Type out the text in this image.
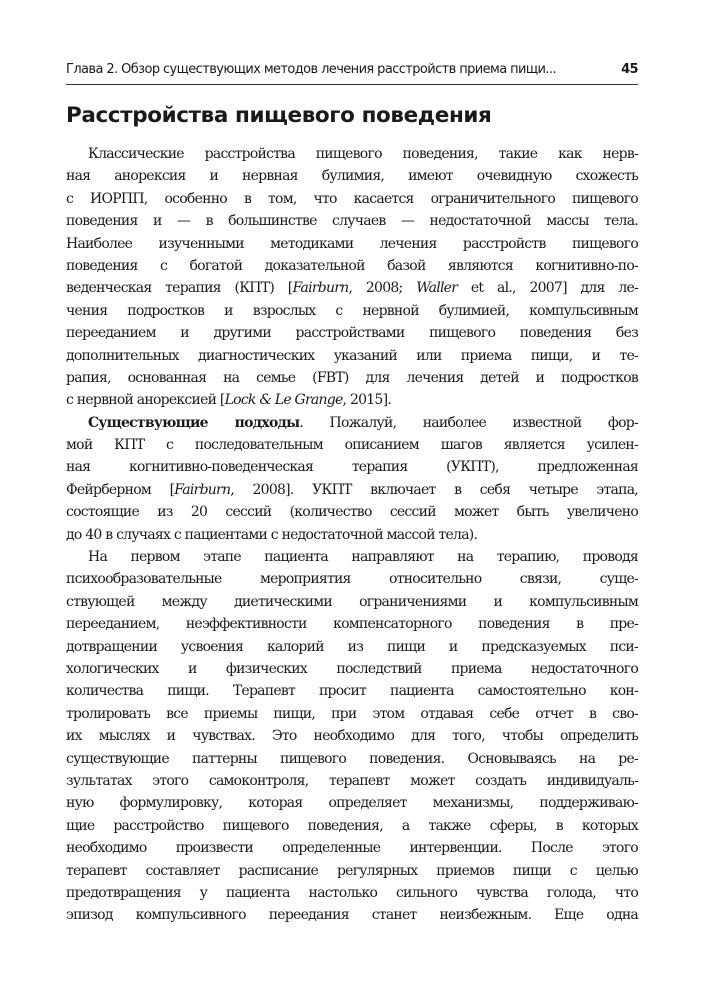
Глава 2. Обзор существующих методов лечения расстройств приема пищи...	45
Расстройства пищевого поведения
Классические расстройства пищевого поведения, такие как нерв-
ная анорексия и нервная булимия, имеют очевидную схожесть
с ИОРПП, особенно в том, что касается ограничительного пищевого
поведения и — в большинстве случаев — недостаточной массы тела.
Наиболее изученными методиками лечения расстройств пищевого
поведения с богатой доказательной базой являются когнитивно-по-
веденческая терапия (КПТ) [Fairburn, 2008; Waller et al., 2007] для ле-
чения подростков и взрослых с нервной булимией, компульсивным
перееданием и другими расстройствами пищевого поведения без
дополнительных диагностических указаний или приема пищи, и те-
рапия, основанная на семье (FBT) для лечения детей и подростков
с нервной анорексией [Lock & Le Grange, 2015].
Существующие подходы. Пожалуй, наиболее известной фор-
мой КПТ с последовательным описанием шагов является усилен-
ная когнитивно-поведенческая терапия (УКПТ), предложенная
Фейрберном [Fairburn, 2008]. УКПТ включает в себя четыре этапа,
состоящие из 20 сессий (количество сессий может быть увеличено
до 40 в случаях с пациентами с недостаточной массой тела).
На первом этапе пациента направляют на терапию, проводя
психообразовательные мероприятия относительно связи, суще-
ствующей между диетическими ограничениями и компульсивным
перееданием, неэффективности компенсаторного поведения в пре-
дотвращении усвоения калорий из пищи и предсказуемых пси-
хологических и физических последствий приема недостаточного
количества пищи. Терапевт просит пациента самостоятельно кон-
тролировать все приемы пищи, при этом отдавая себе отчет в сво-
их мыслях и чувствах. Это необходимо для того, чтобы определить
существующие паттерны пищевого поведения. Основываясь на ре-
зультатах этого самоконтроля, терапевт может создать индивидуаль-
ную формулировку, которая определяет механизмы, поддерживаю-
щие расстройство пищевого поведения, а также сферы, в которых
необходимо произвести определенные интервенции. После этого
терапевт составляет расписание регулярных приемов пищи с целью
предотвращения у пациента настолько сильного чувства голода, что
эпизод компульсивного переедания станет неизбежным. Еще одна
